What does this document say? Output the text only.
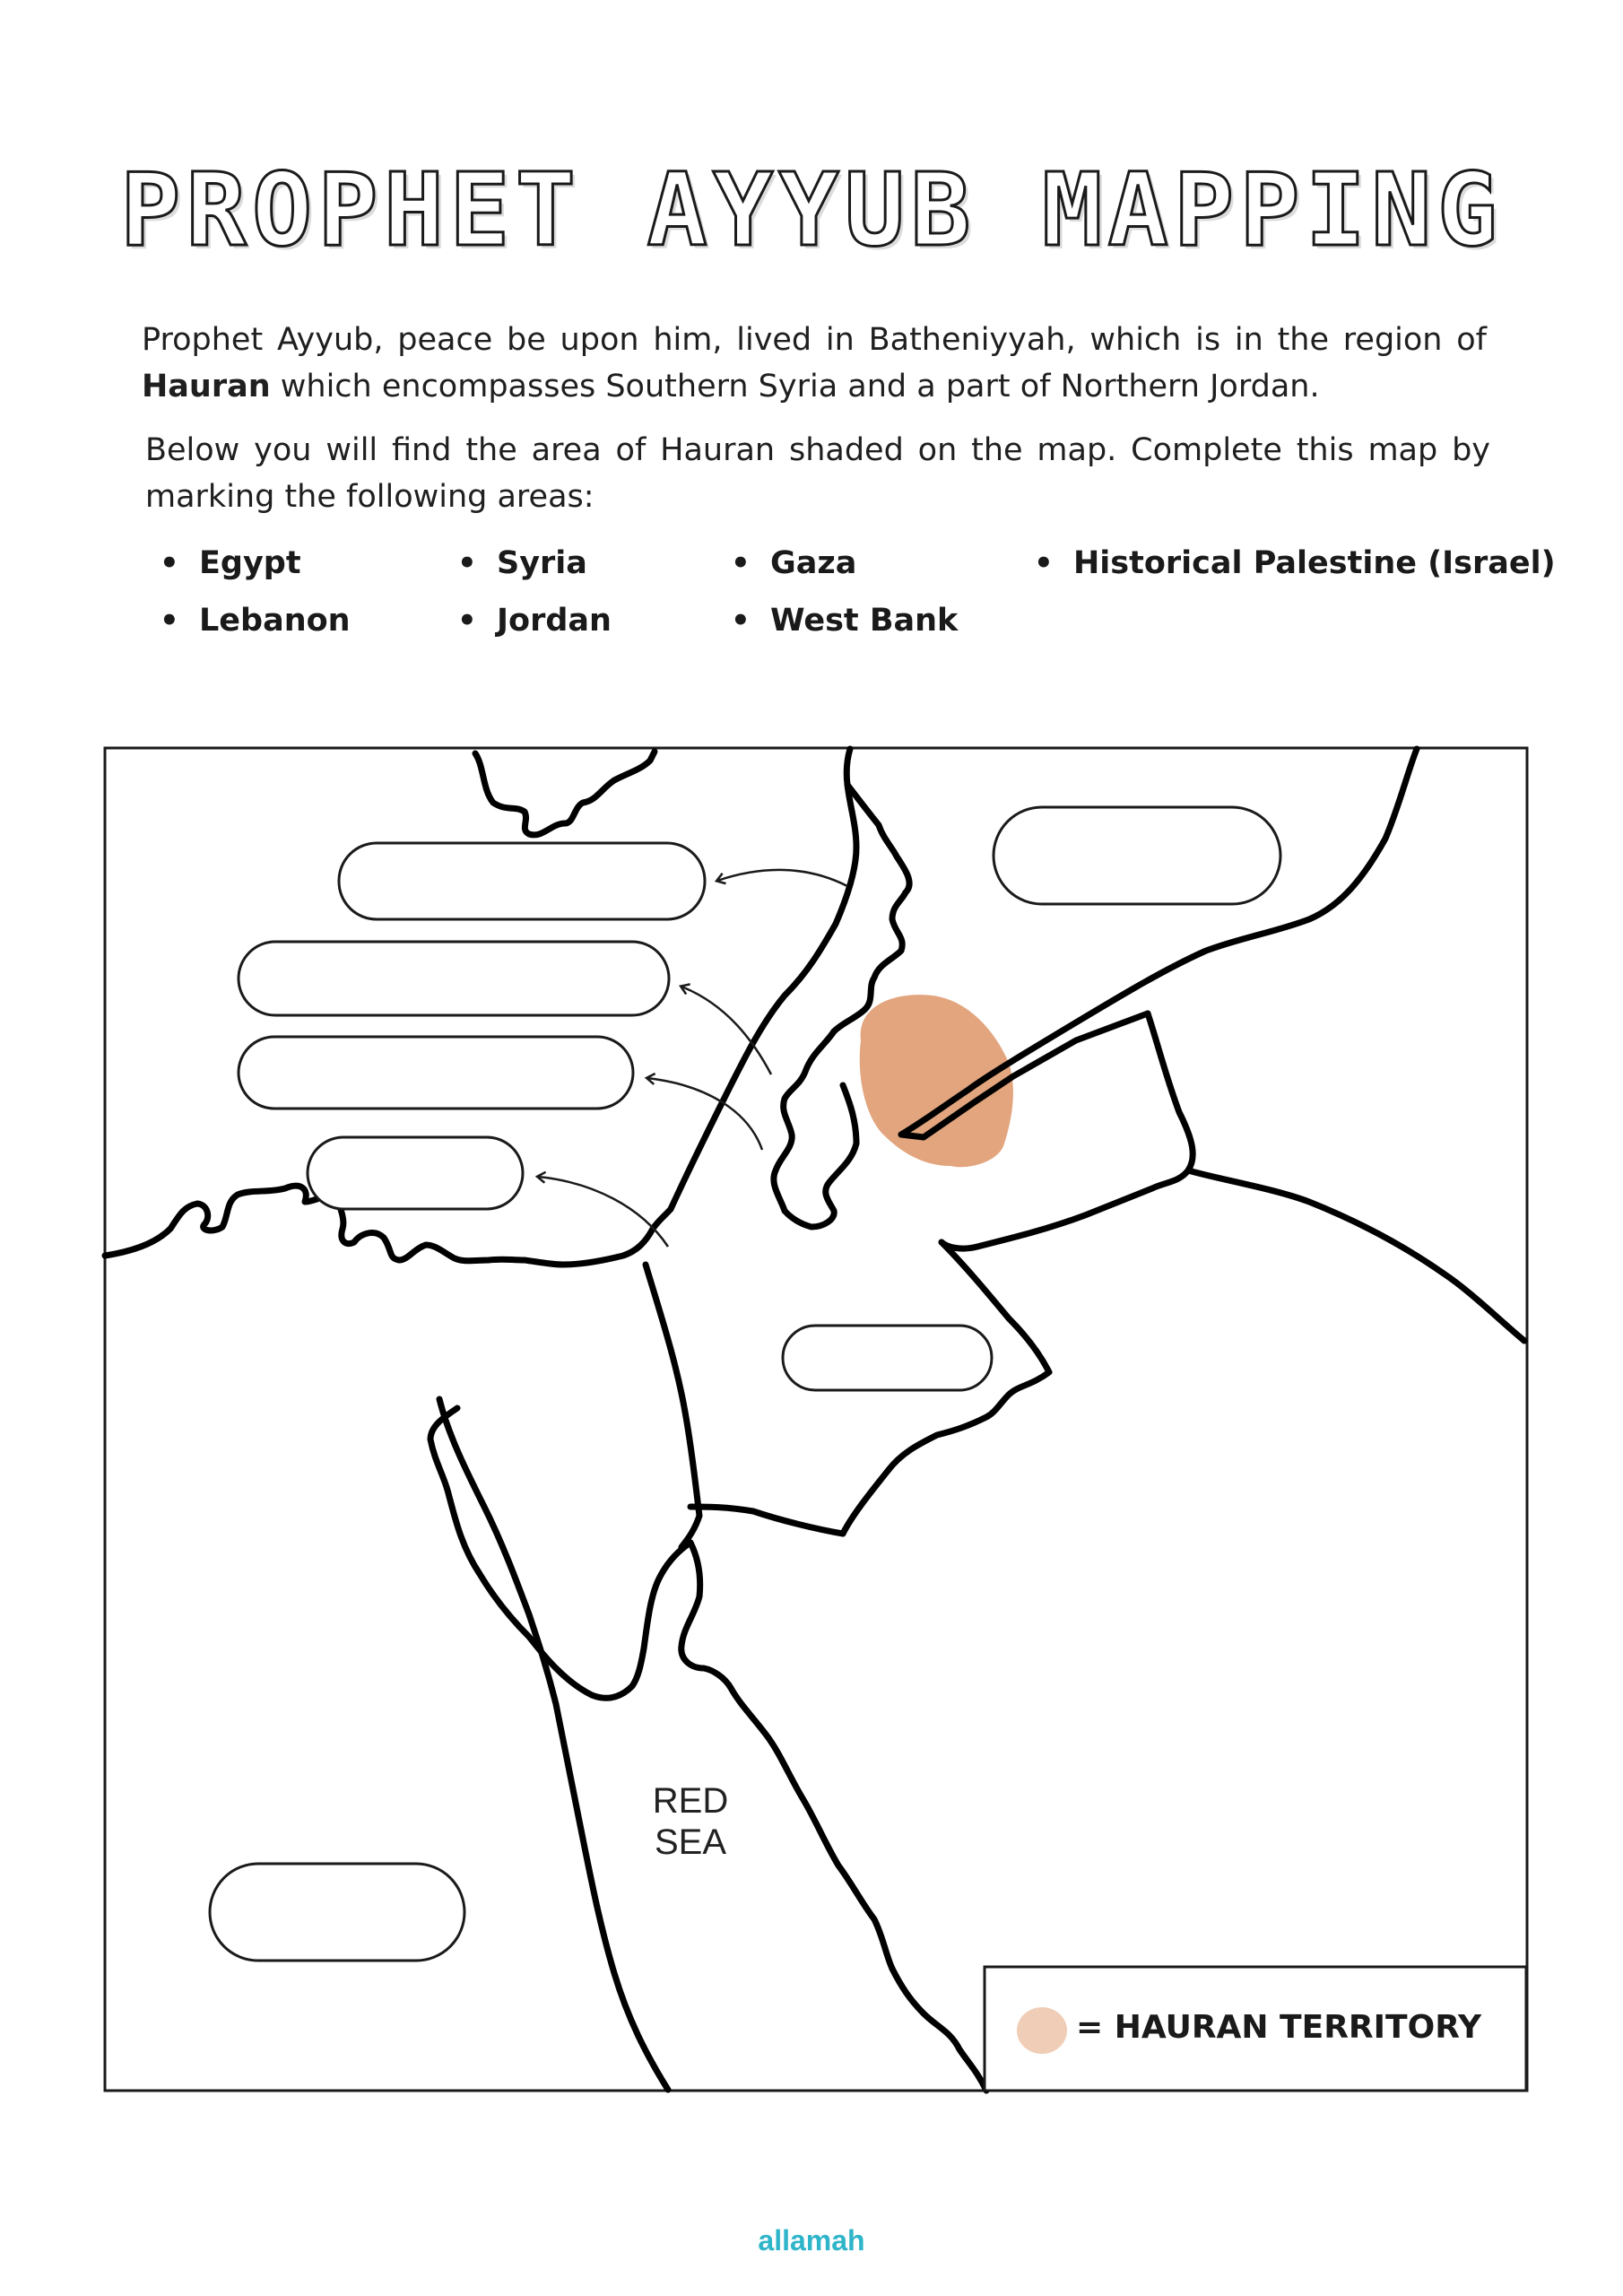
PROPHET AYYUB MAPPING

Prophet Ayyub, peace be upon him, lived in Batheniyyah, which is in the region of Hauran which encompasses Southern Syria and a part of Northern Jordan.

Below you will find the area of Hauran shaded on the map. Complete this map by marking the following areas:

• Egypt	• Syria	• Gaza	• Historical Palestine (Israel)
• Lebanon	• Jordan	• West Bank
RED
SEA
= HAURAN TERRITORY
allamah
